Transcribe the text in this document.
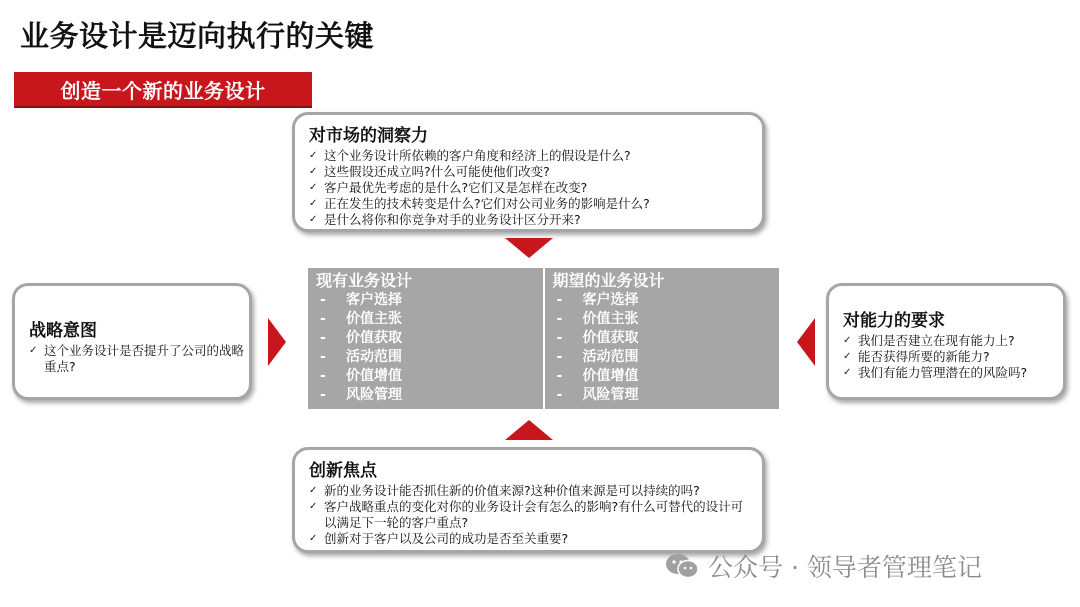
业务设计是迈向执行的关键
创造一个新的业务设计
对市场的洞察力
✓ 这个业务设计所依赖的客户角度和经济上的假设是什么?
✓ 这些假设还成立吗?什么可能使他们改变?
✓ 客户最优先考虑的是什么?它们又是怎样在改变?
✓ 正在发生的技术转变是什么?它们对公司业务的影响是什么?
✓ 是什么将你和你竞争对手的业务设计区分开来?
战略意图
✓ 这个业务设计是否提升了公司的战略重点?
现有业务设计
-	客户选择
-	价值主张
-	价值获取
-	活动范围
-	价值增值
-	风险管理
期望的业务设计
-	客户选择
-	价值主张
-	价值获取
-	活动范围
-	价值增值
-	风险管理
对能力的要求
✓ 我们是否建立在现有能力上?
✓ 能否获得所要的新能力?
✓ 我们有能力管理潜在的风险吗?
创新焦点
✓ 新的业务设计能否抓住新的价值来源?这种价值来源是可以持续的吗?
✓ 客户战略重点的变化对你的业务设计会有怎么的影响?有什么可替代的设计可以满足下一轮的客户重点?
✓ 创新对于客户以及公司的成功是否至关重要?
公众号 · 领导者管理笔记
